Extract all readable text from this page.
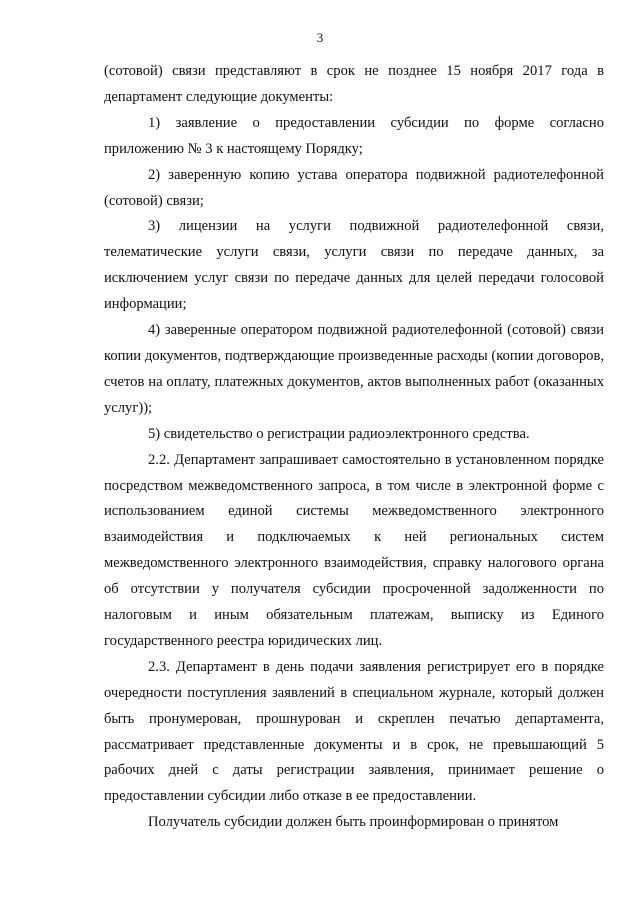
3

(сотовой) связи представляют в срок не позднее 15 ноября 2017 года в департамент следующие документы:

1) заявление о предоставлении субсидии по форме согласно приложению № 3 к настоящему Порядку;

2) заверенную копию устава оператора подвижной радиотелефонной (сотовой) связи;

3) лицензии на услуги подвижной радиотелефонной связи, телематические услуги связи, услуги связи по передаче данных, за исключением услуг связи по передаче данных для целей передачи голосовой информации;

4) заверенные оператором подвижной радиотелефонной (сотовой) связи копии документов, подтверждающие произведенные расходы (копии договоров, счетов на оплату, платежных документов, актов выполненных работ (оказанных услуг));

5) свидетельство о регистрации радиоэлектронного средства.

2.2. Департамент запрашивает самостоятельно в установленном порядке посредством межведомственного запроса, в том числе в электронной форме с использованием единой системы межведомственного электронного взаимодействия и подключаемых к ней региональных систем межведомственного электронного взаимодействия, справку налогового органа об отсутствии у получателя субсидии просроченной задолженности по налоговым и иным обязательным платежам, выписку из Единого государственного реестра юридических лиц.

2.3. Департамент в день подачи заявления регистрирует его в порядке очередности поступления заявлений в специальном журнале, который должен быть пронумерован, прошнурован и скреплен печатью департамента, рассматривает представленные документы и в срок, не превышающий 5 рабочих дней с даты регистрации заявления, принимает решение о предоставлении субсидии либо отказе в ее предоставлении.

Получатель субсидии должен быть проинформирован о принятом
